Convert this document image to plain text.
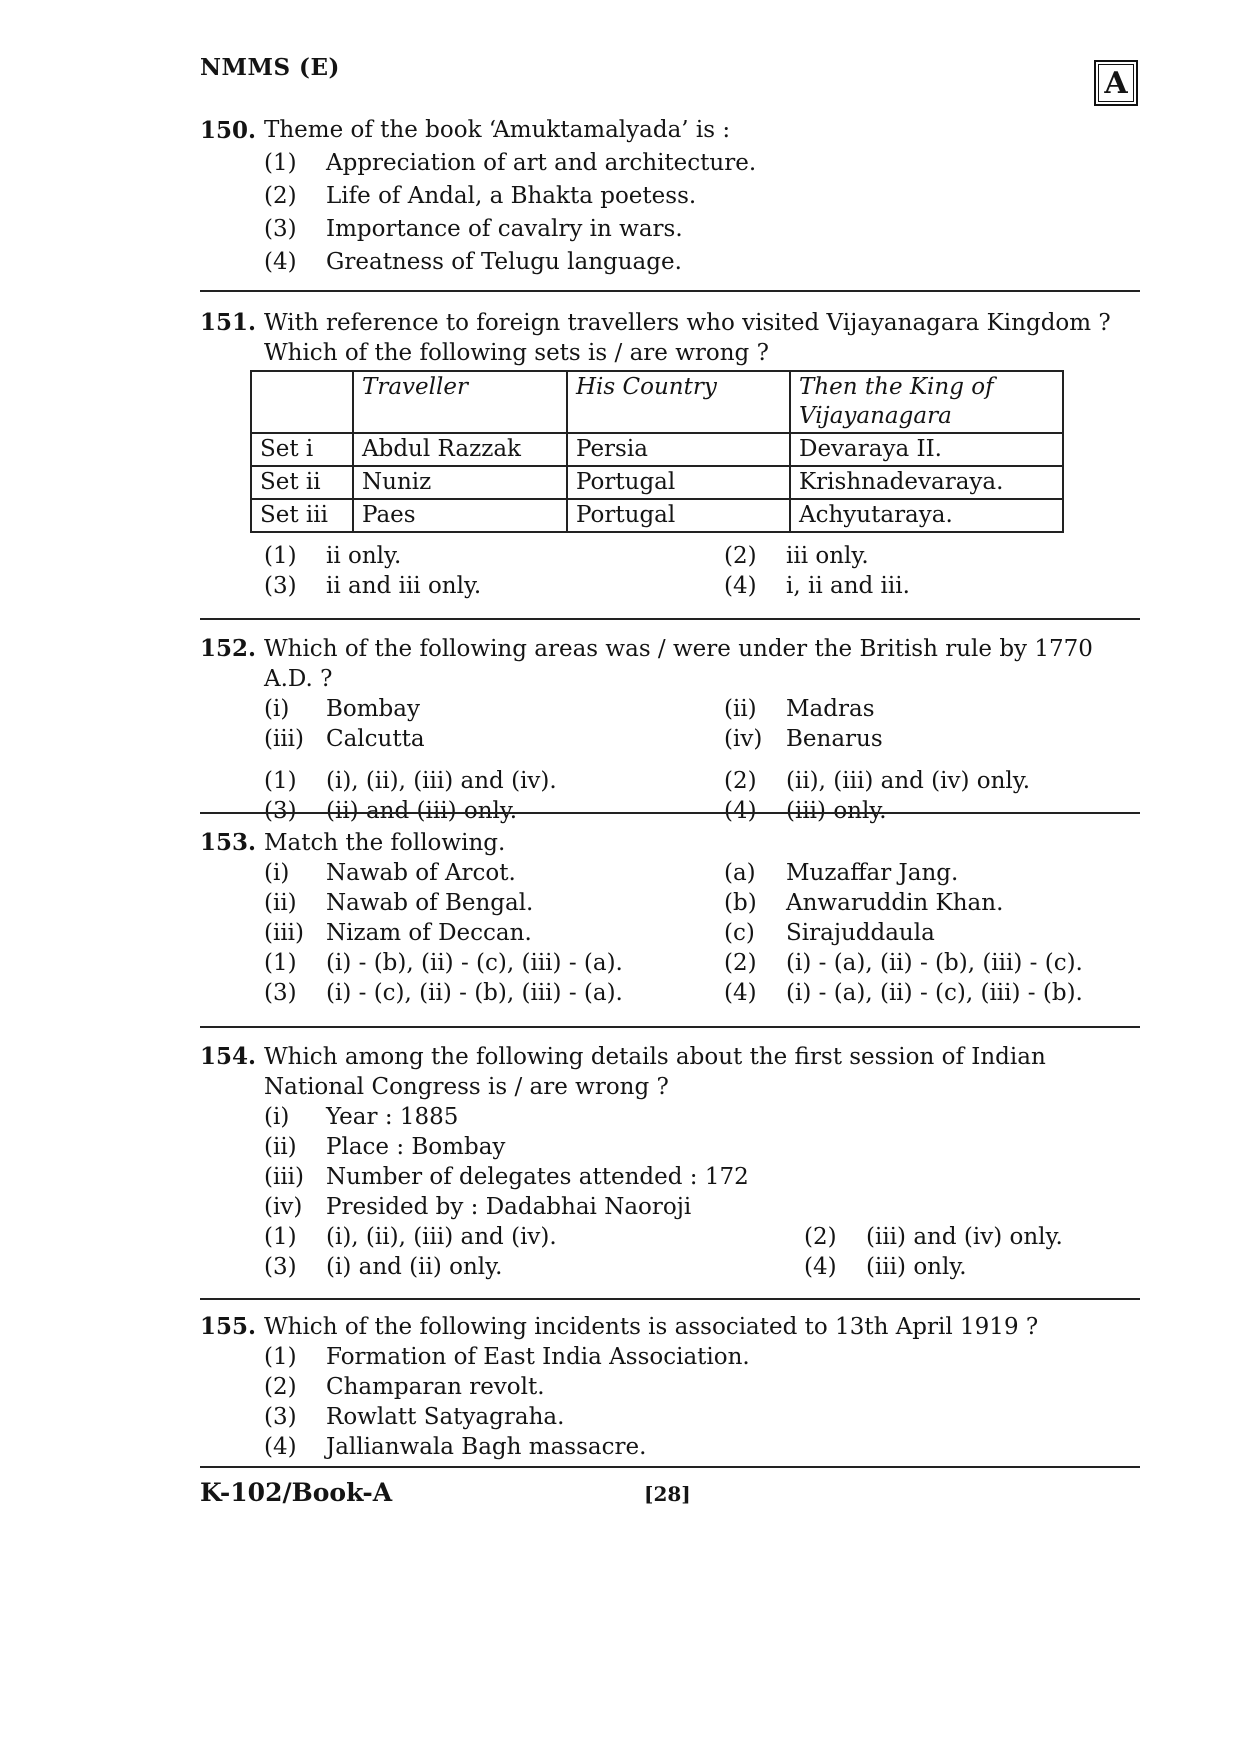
NMMS (E)	A
150. Theme of the book ‘Amuktamalyada’ is :
(1)	Appreciation of art and architecture.
(2)	Life of Andal, a Bhakta poetess.
(3)	Importance of cavalry in wars.
(4)	Greatness of Telugu language.
151. With reference to foreign travellers who visited Vijayanagara Kingdom ? Which of the following sets is / are wrong ?
	Traveller	His Country	Then the King of Vijayanagara
Set i	Abdul Razzak	Persia	Devaraya II.
Set ii	Nuniz	Portugal	Krishnadevaraya.
Set iii	Paes	Portugal	Achyutaraya.
(1)	ii only.	(2)	iii only.
(3)	ii and iii only.	(4)	i, ii and iii.
152. Which of the following areas was / were under the British rule by 1770 A.D. ?
(i)	Bombay	(ii)	Madras
(iii) Calcutta	(iv)	Benarus
(1)	(i), (ii), (iii) and (iv).	(2)	(ii), (iii) and (iv) only.
(3)	(ii) and (iii) only.	(4)	(iii) only.
153. Match the following.
(i)	Nawab of Arcot.	(a)	Muzaffar Jang.
(ii)	Nawab of Bengal.	(b)	Anwaruddin Khan.
(iii) Nizam of Deccan.	(c)	Sirajuddaula
(1)	(i) - (b), (ii) - (c), (iii) - (a).	(2)	(i) - (a), (ii) - (b), (iii) - (c).
(3)	(i) - (c), (ii) - (b), (iii) - (a).	(4)	(i) - (a), (ii) - (c), (iii) - (b).
154. Which among the following details about the first session of Indian National Congress is / are wrong ?
(i)	Year : 1885
(ii)	Place : Bombay
(iii) Number of delegates attended : 172
(iv)	Presided by : Dadabhai Naoroji
(1)	(i), (ii), (iii) and (iv).	(2)	(iii) and (iv) only.
(3)	(i) and (ii) only.	(4)	(iii) only.
155. Which of the following incidents is associated to 13th April 1919 ?
(1)	Formation of East India Association.
(2)	Champaran revolt.
(3)	Rowlatt Satyagraha.
(4)	Jallianwala Bagh massacre.
K-102/Book-A	[28]
